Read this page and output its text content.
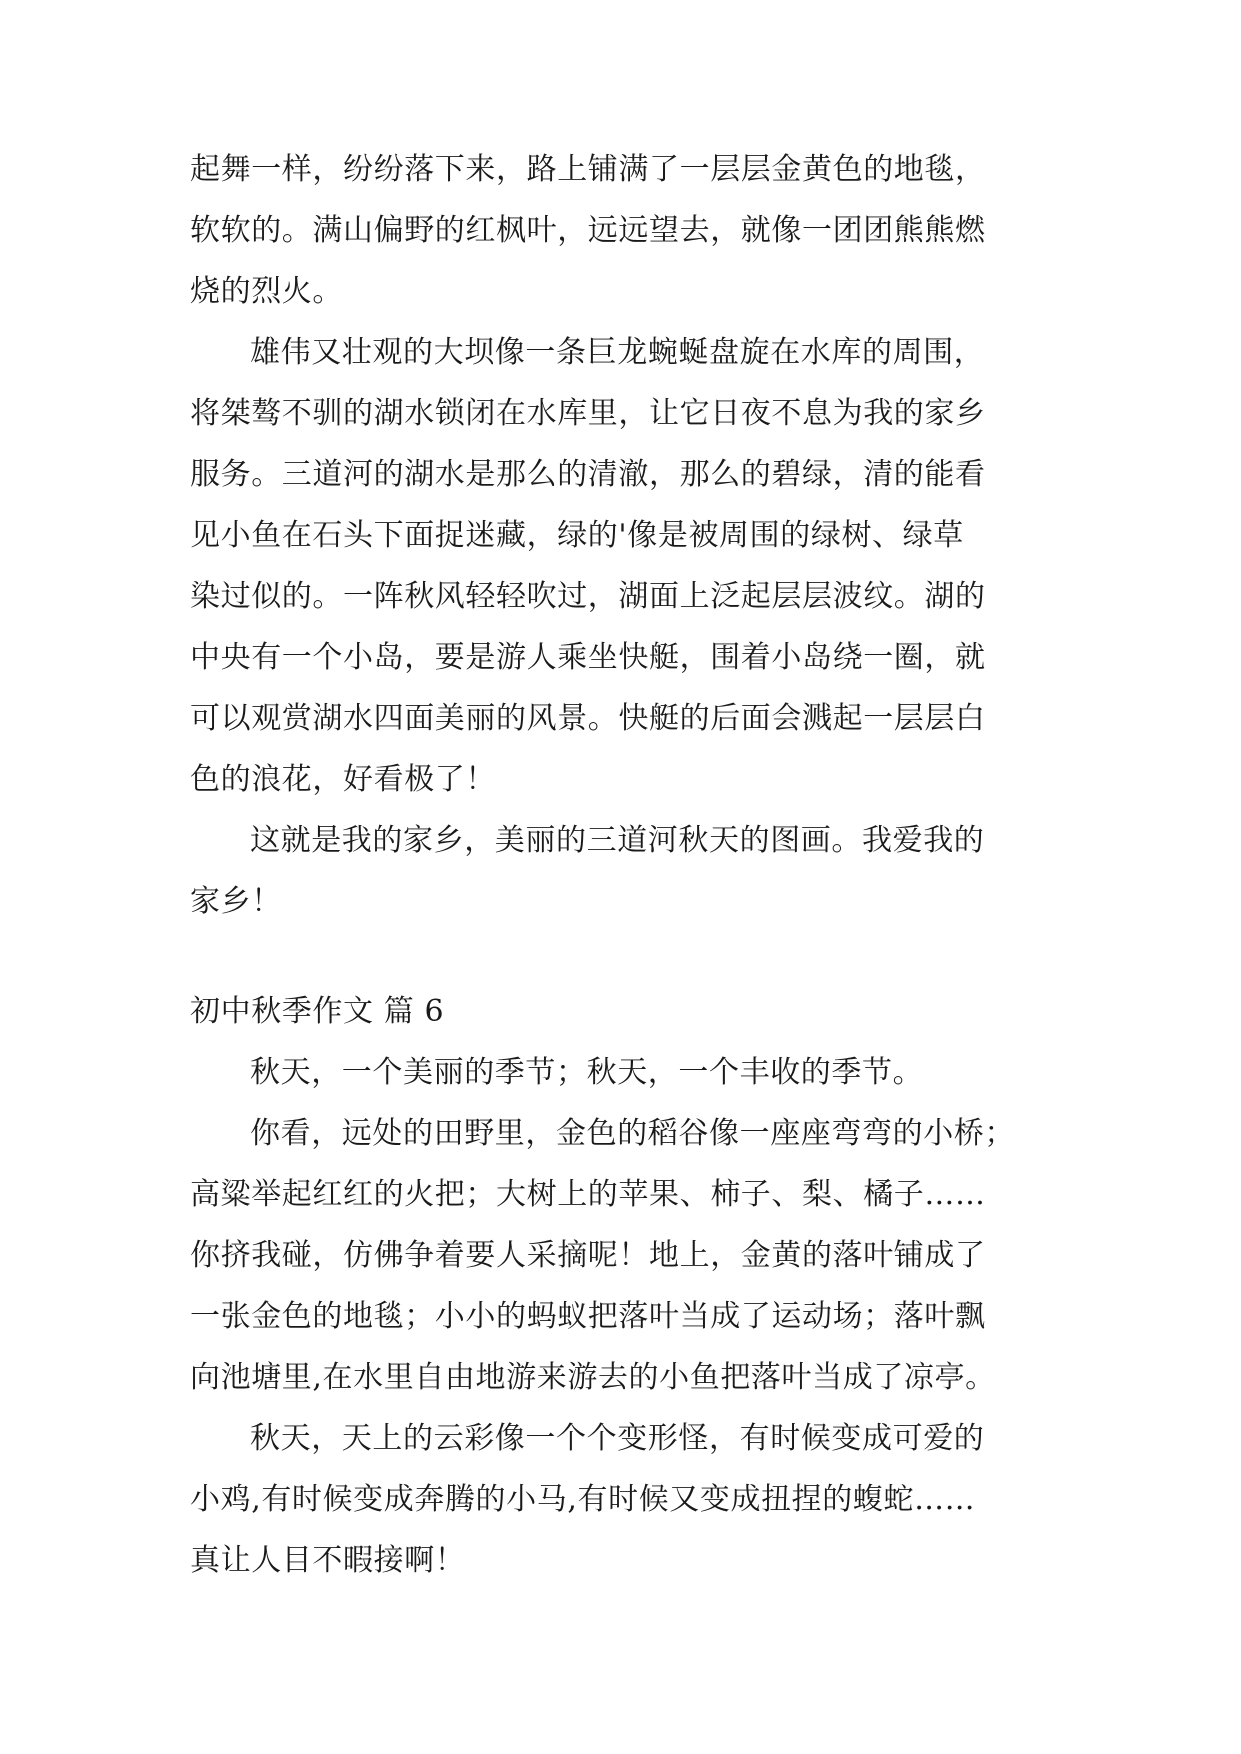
起舞一样，纷纷落下来，路上铺满了一层层金黄色的地毯，
软软的。满山偏野的红枫叶，远远望去，就像一团团熊熊燃
烧的烈火。
雄伟又壮观的大坝像一条巨龙蜿蜒盘旋在水库的周围，
将桀骜不驯的湖水锁闭在水库里，让它日夜不息为我的家乡
服务。三道河的湖水是那么的清澈，那么的碧绿，清的能看
见小鱼在石头下面捉迷藏，绿的'像是被周围的绿树、绿草
染过似的。一阵秋风轻轻吹过，湖面上泛起层层波纹。湖的
中央有一个小岛，要是游人乘坐快艇，围着小岛绕一圈，就
可以观赏湖水四面美丽的风景。快艇的后面会溅起一层层白
色的浪花，好看极了！
这就是我的家乡，美丽的三道河秋天的图画。我爱我的
家乡！
初中秋季作文 篇 6
秋天，一个美丽的季节；秋天，一个丰收的季节。
你看，远处的田野里，金色的稻谷像一座座弯弯的小桥；
高粱举起红红的火把；大树上的苹果、柿子、梨、橘子……
你挤我碰，仿佛争着要人采摘呢！地上，金黄的落叶铺成了
一张金色的地毯；小小的蚂蚁把落叶当成了运动场；落叶飘
向池塘里,在水里自由地游来游去的小鱼把落叶当成了凉亭。
秋天，天上的云彩像一个个变形怪，有时候变成可爱的
小鸡,有时候变成奔腾的小马,有时候又变成扭捏的蝮蛇……
真让人目不暇接啊！
